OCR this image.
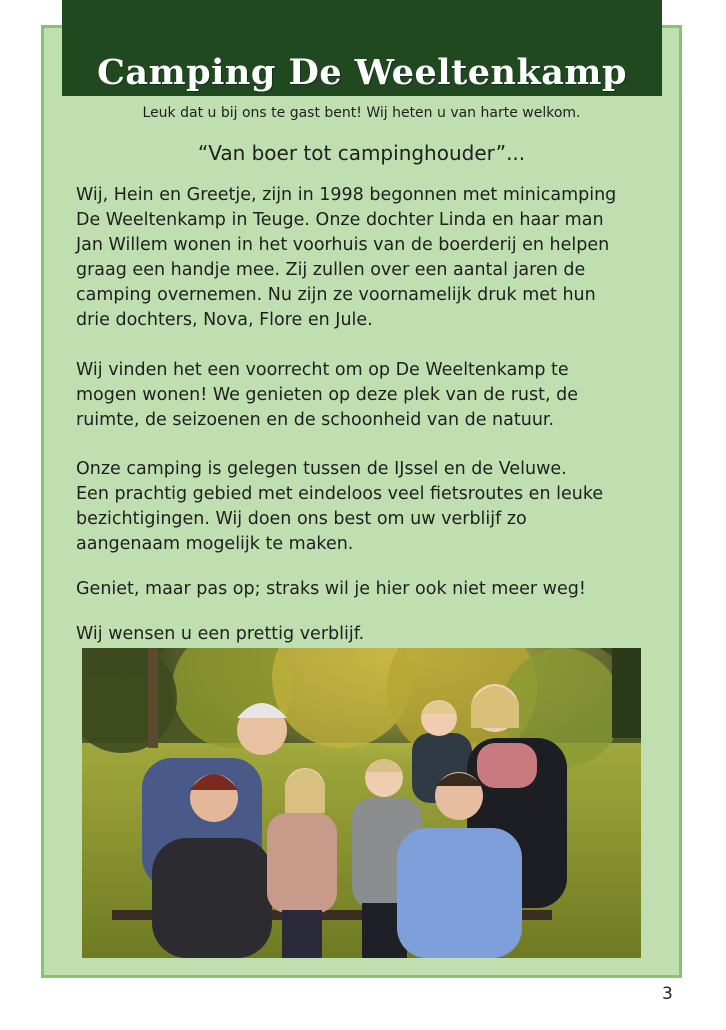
Camping De Weeltenkamp
Leuk dat u bij ons te gast bent! Wij heten u van harte welkom.
“Van boer tot campinghouder”...

Wij, Hein en Greetje, zijn in 1998 begonnen met minicamping
De Weeltenkamp in Teuge. Onze dochter Linda en haar man
Jan Willem wonen in het voorhuis van de boerderij en helpen
graag een handje mee. Zij zullen over een aantal jaren de
camping overnemen. Nu zijn ze voornamelijk druk met hun
drie dochters, Nova, Flore en Jule.

Wij vinden het een voorrecht om op De Weeltenkamp te
mogen wonen! We genieten op deze plek van de rust, de
ruimte, de seizoenen en de schoonheid van de natuur.

Onze camping is gelegen tussen de IJssel en de Veluwe.
Een prachtig gebied met eindeloos veel fietsroutes en leuke
bezichtigingen. Wij doen ons best om uw verblijf zo
aangenaam mogelijk te maken.

Geniet, maar pas op; straks wil je hier ook niet meer weg!

Wij wensen u een prettig verblijf.

3
